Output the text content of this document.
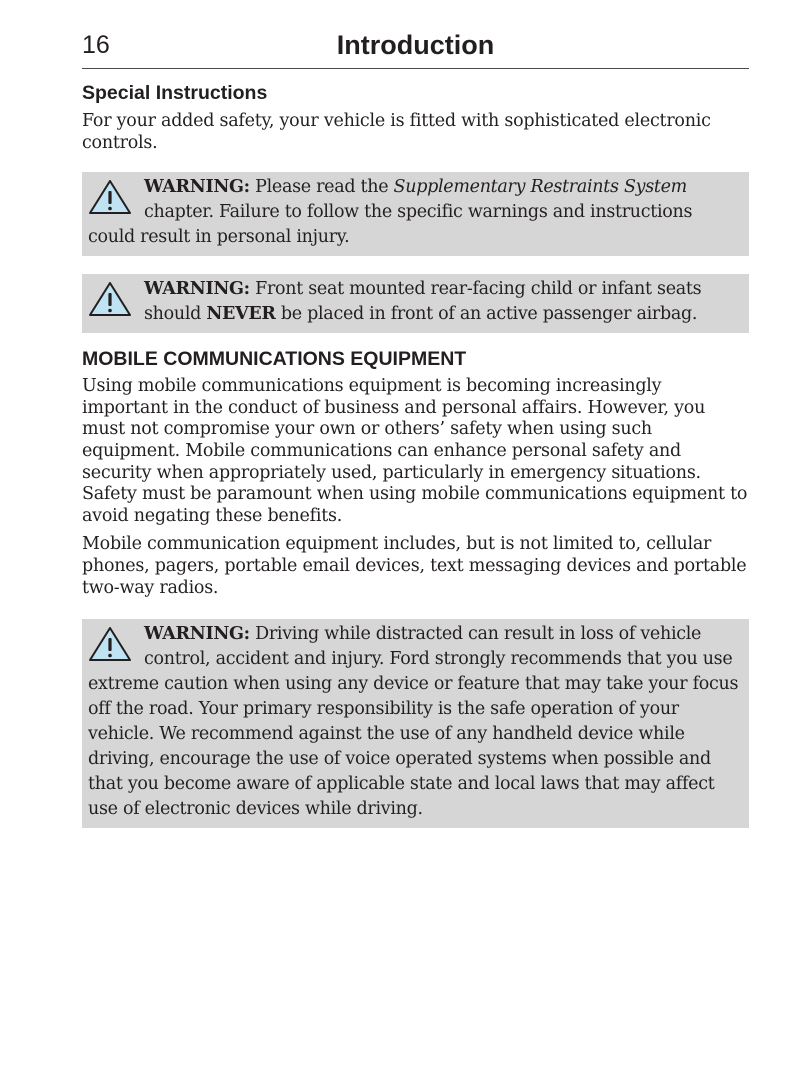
16	Introduction
Special Instructions

For your added safety, your vehicle is fitted with sophisticated electronic controls.

WARNING: Please read the Supplementary Restraints System chapter. Failure to follow the specific warnings and instructions could result in personal injury.

WARNING: Front seat mounted rear-facing child or infant seats should NEVER be placed in front of an active passenger airbag.

MOBILE COMMUNICATIONS EQUIPMENT

Using mobile communications equipment is becoming increasingly important in the conduct of business and personal affairs. However, you must not compromise your own or others’ safety when using such equipment. Mobile communications can enhance personal safety and security when appropriately used, particularly in emergency situations. Safety must be paramount when using mobile communications equipment to avoid negating these benefits.

Mobile communication equipment includes, but is not limited to, cellular phones, pagers, portable email devices, text messaging devices and portable two-way radios.

WARNING: Driving while distracted can result in loss of vehicle control, accident and injury. Ford strongly recommends that you use extreme caution when using any device or feature that may take your focus off the road. Your primary responsibility is the safe operation of your vehicle. We recommend against the use of any handheld device while driving, encourage the use of voice operated systems when possible and that you become aware of applicable state and local laws that may affect use of electronic devices while driving.
